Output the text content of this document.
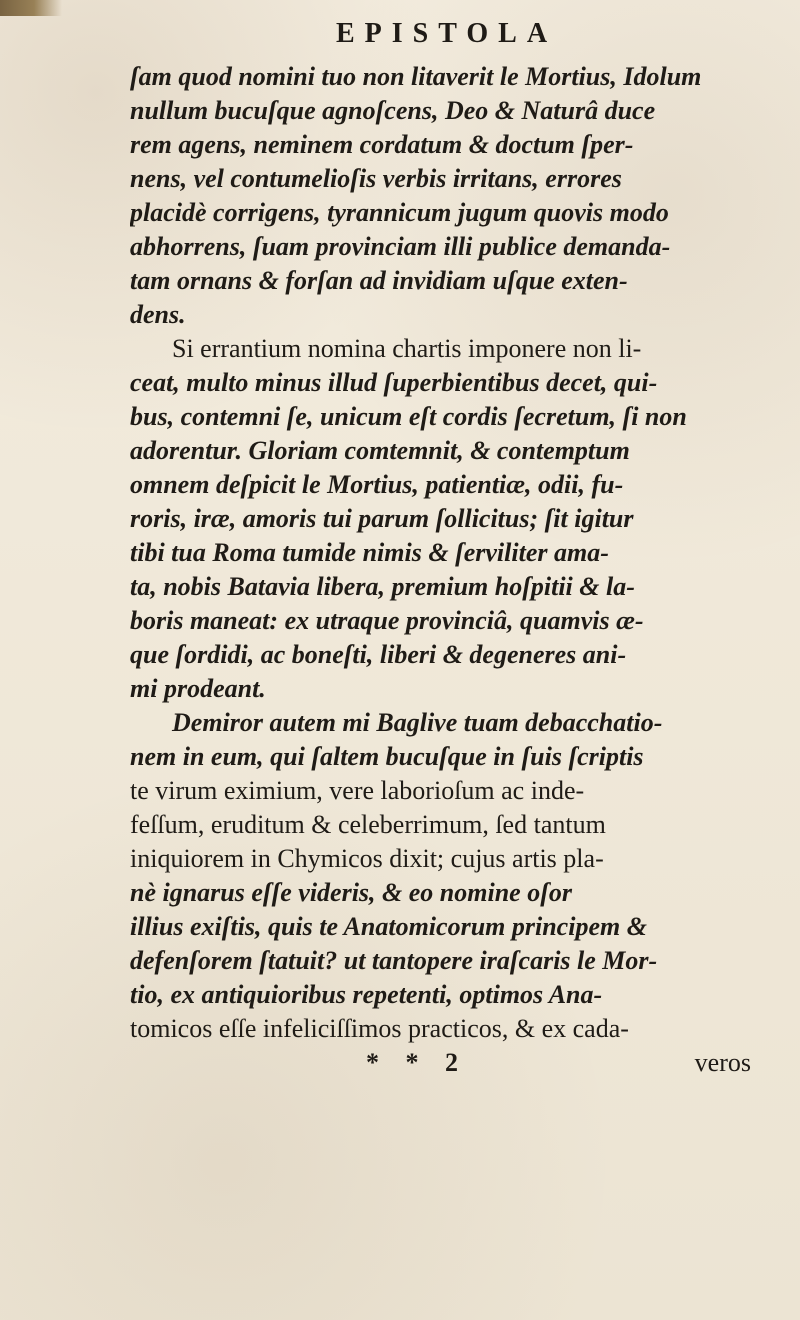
EPISTOLA
ſam quod nomini tuo non litaverit le Mortius, Idolum
nullum bucuſque agnoſcens, Deo & Naturâ duce
rem agens, neminem cordatum & doctum ſper-
nens, vel contumelioſis verbis irritans, errores
placidè corrigens, tyrannicum jugum quovis modo
abhorrens, ſuam provinciam illi publice demanda-
tam ornans & forſan ad invidiam uſque exten-
dens.
Si errantium nomina chartis imponere non li-
ceat, multo minus illud ſuperbientibus decet, qui-
bus, contemni ſe, unicum eſt cordis ſecretum, ſi non
adorentur. Gloriam comtemnit, & contemptum
omnem deſpicit le Mortius, patientiæ, odii, fu-
roris, iræ, amoris tui parum ſollicitus; ſit igitur
tibi tua Roma tumide nimis & ſerviliter ama-
ta, nobis Batavia libera, premium hoſpitii & la-
boris maneat: ex utraque provinciâ, quamvis æ-
que ſordidi, ac boneſti, liberi & degeneres ani-
mi prodeant.
Demiror autem mi Baglive tuam debacchatio-
nem in eum, qui ſaltem bucuſque in ſuis ſcriptis
te virum eximium, vere laborioſum ac inde-
feſſum, eruditum & celeberrimum, ſed tantum
iniquiorem in Chymicos dixit; cujus artis pla-
nè ignarus eſſe videris, & eo nomine oſor
illius exiſtis, quis te Anatomicorum principem &
defenſorem ſtatuit? ut tantopere iraſcaris le Mor-
tio, ex antiquioribus repetenti, optimos Ana-
tomicos eſſe infeliciſſimos practicos, & ex cada-
* * 2	veros
